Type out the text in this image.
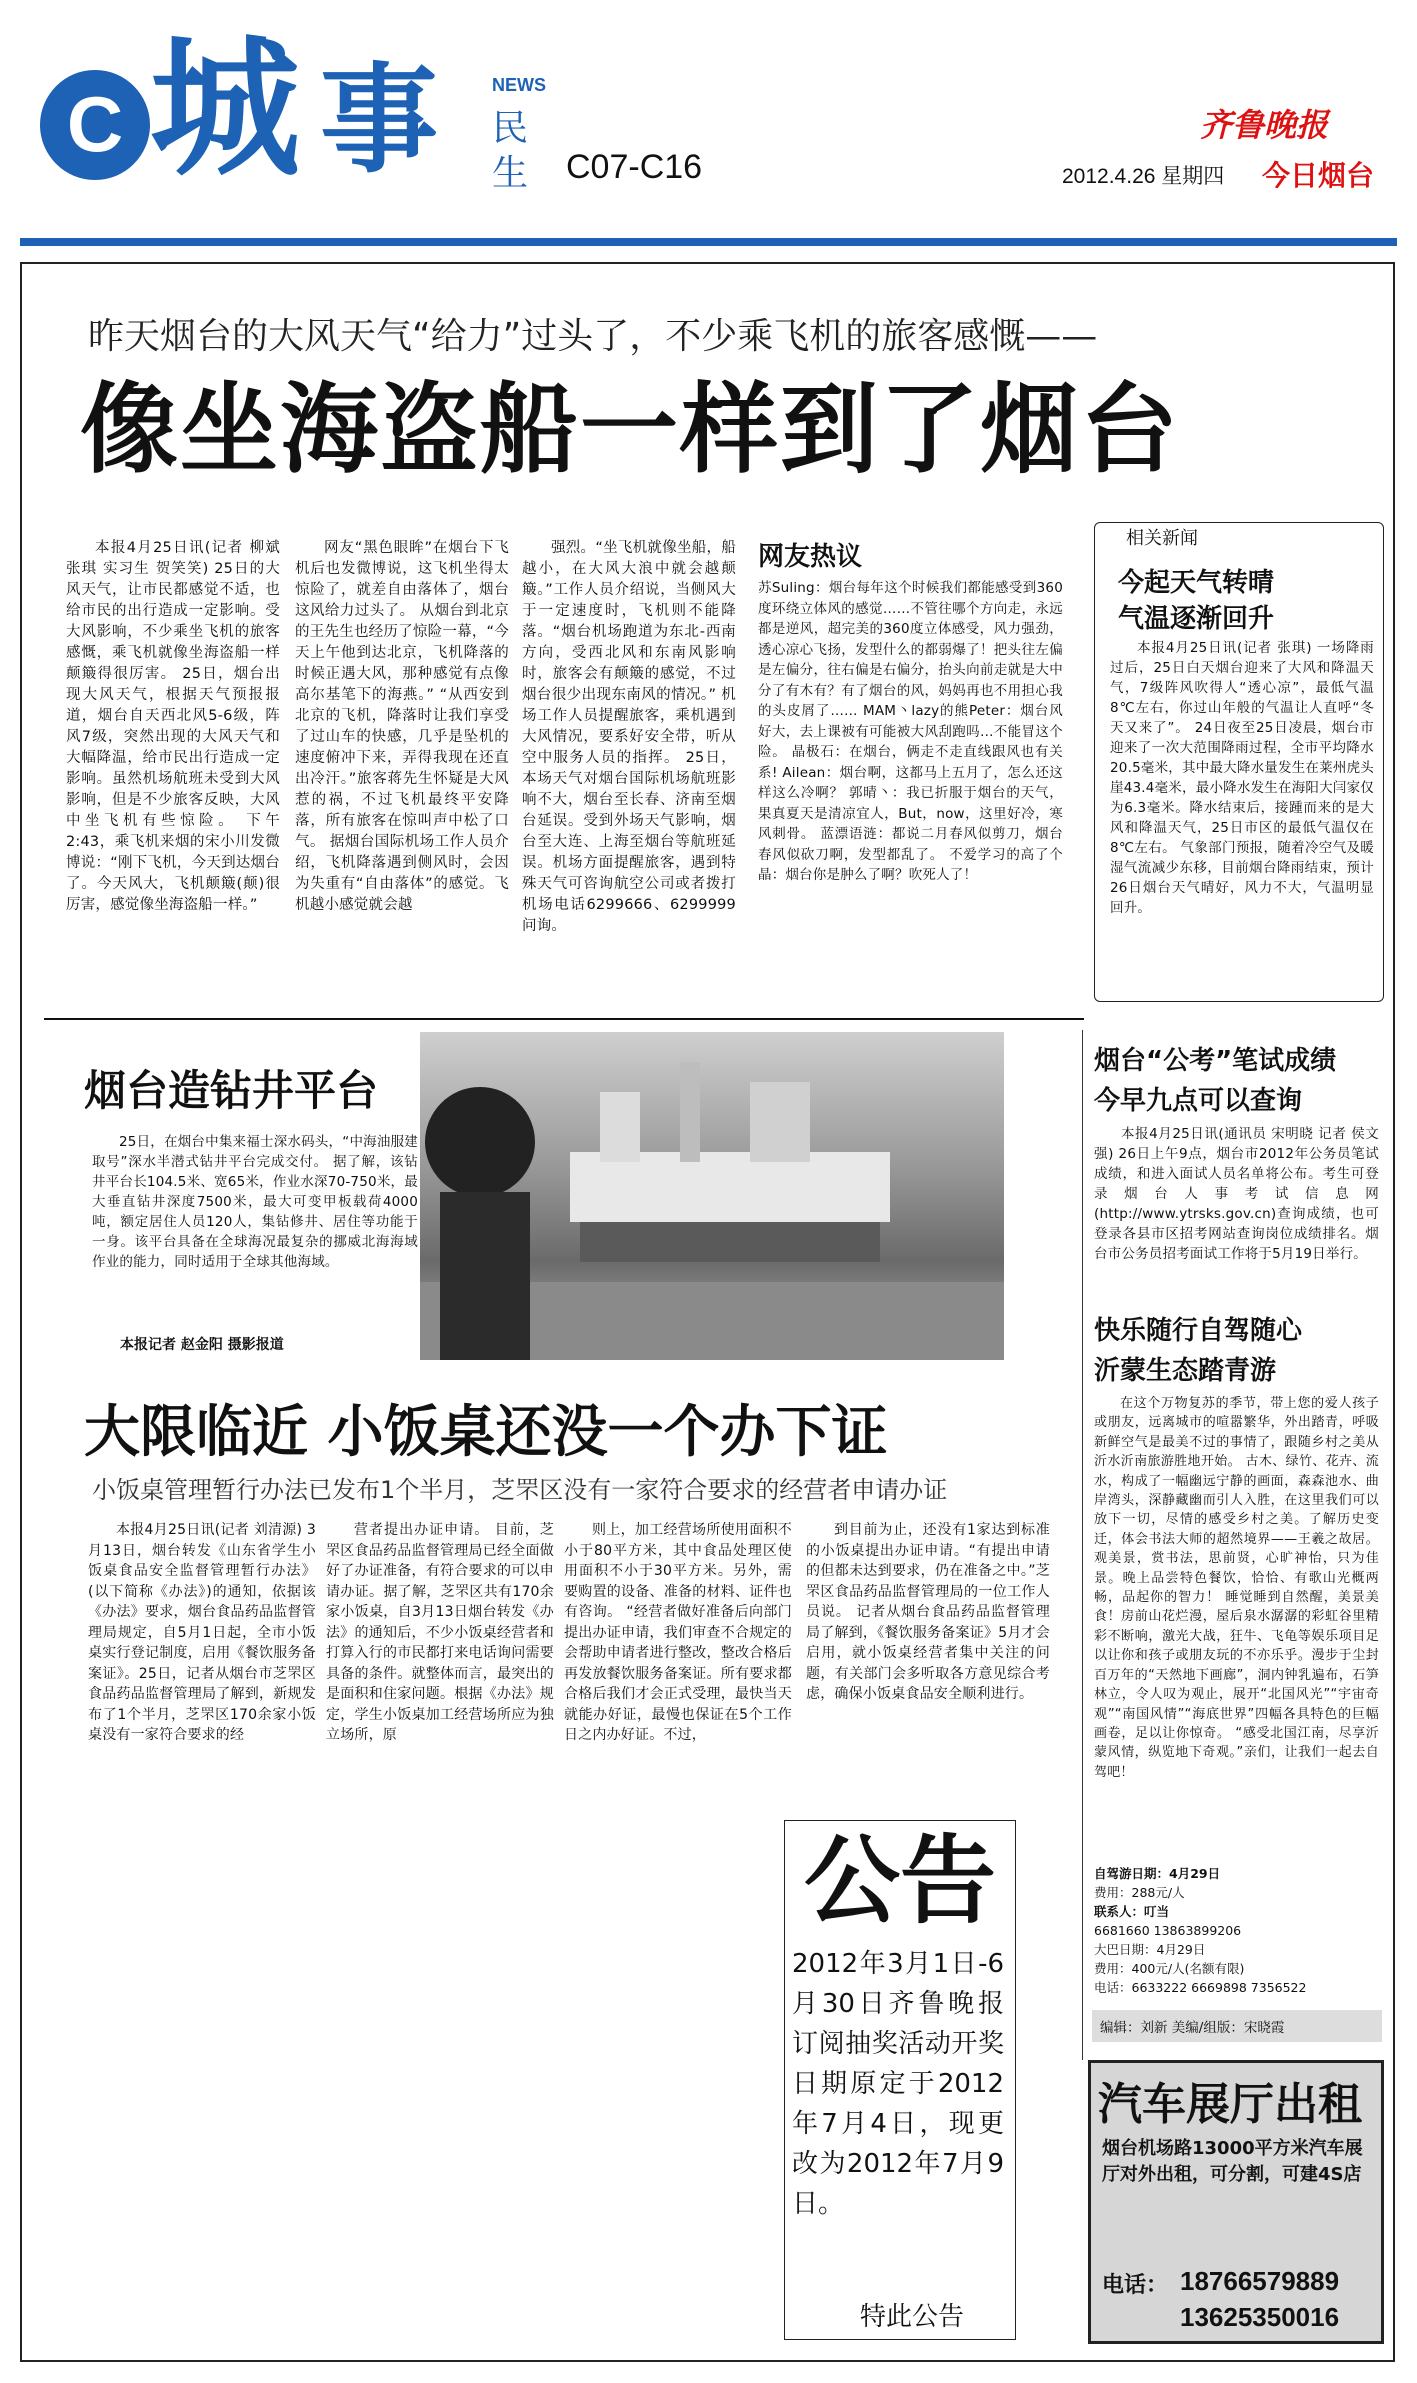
C 城 事	NEWS
民
生 C07-C16
齐鲁晚报
2012.4.26 星期四 今日烟台
昨天烟台的大风天气“给力”过头了，不少乘飞机的旅客感慨——
像坐海盗船一样到了烟台

本报4月25日讯(记者 柳斌 张琪 实习生 贺笑笑) 25日的大风天气，让市民都感觉不适，也给市民的出行造成一定影响。受大风影响，不少乘坐飞机的旅客感慨，乘飞机就像坐海盗船一样颠簸得很厉害。 25日，烟台出现大风天气，根据天气预报报道，烟台自天西北风5-6级，阵风7级，突然出现的大风天气和大幅降温，给市民出行造成一定影响。虽然机场航班未受到大风影响，但是不少旅客反映，大风中坐飞机有些惊险。 下午2:43，乘飞机来烟的宋小川发微博说：“刚下飞机，今天到达烟台了。今天风大，飞机颠簸(颠)很厉害，感觉像坐海盗船一样。”

网友“黑色眼眸”在烟台下飞机后也发微博说，这飞机坐得太惊险了，就差自由落体了，烟台这风给力过头了。 从烟台到北京的王先生也经历了惊险一幕，“今天上午他到达北京，飞机降落的时候正遇大风，那种感觉有点像高尔基笔下的海燕。” “从西安到北京的飞机，降落时让我们享受了过山车的快感，几乎是坠机的速度俯冲下来，弄得我现在还直出冷汗。”旅客蒋先生怀疑是大风惹的祸，不过飞机最终平安降落，所有旅客在惊叫声中松了口气。 据烟台国际机场工作人员介绍，飞机降落遇到侧风时，会因为失重有“自由落体”的感觉。飞机越小感觉就会越

强烈。“坐飞机就像坐船，船越小，在大风大浪中就会越颠簸。”工作人员介绍说，当侧风大于一定速度时，飞机则不能降落。“烟台机场跑道为东北-西南方向，受西北风和东南风影响时，旅客会有颠簸的感觉，不过烟台很少出现东南风的情况。” 机场工作人员提醒旅客，乘机遇到大风情况，要系好安全带，听从空中服务人员的指挥。 25日，本场天气对烟台国际机场航班影响不大，烟台至长春、济南至烟台延误。受到外场天气影响，烟台至大连、上海至烟台等航班延误。机场方面提醒旅客，遇到特殊天气可咨询航空公司或者拨打机场电话6299666、6299999问询。

网友热议

苏Suling：烟台每年这个时候我们都能感受到360度环绕立体风的感觉……不管往哪个方向走，永远都是逆风，超完美的360度立体感受，风力强劲，透心凉心飞扬，发型什么的都弱爆了！把头往左偏是左偏分，往右偏是右偏分，抬头向前走就是大中分了有木有？有了烟台的风，妈妈再也不用担心我的头皮屑了…… MAM丶lazy的熊Peter：烟台风好大，去上课被有可能被大风刮跑吗…不能冒这个险。 晶极石：在烟台，俩走不走直线跟风也有关系! Ailean：烟台啊，这都马上五月了，怎么还这样这么冷啊？ 郭晴丶：我已折服于烟台的天气，果真夏天是清凉宜人，But，now，这里好冷，寒风刺骨。 蓝漂语涟：都说二月春风似剪刀，烟台春风似砍刀啊，发型都乱了。 不爱学习的高了个晶：烟台你是肿么了啊？吹死人了！

相关新闻
今起天气转晴
气温逐渐回升

本报4月25日讯(记者 张琪) 一场降雨过后，25日白天烟台迎来了大风和降温天气，7级阵风吹得人“透心凉”，最低气温8℃左右，你过山年般的气温让人直呼“冬天又来了”。 24日夜至25日凌晨，烟台市迎来了一次大范围降雨过程，全市平均降水20.5毫米，其中最大降水量发生在莱州虎头崖43.4毫米，最小降水发生在海阳大闫家仅为6.3毫米。降水结束后，接踵而来的是大风和降温天气，25日市区的最低气温仅在8℃左右。 气象部门预报，随着冷空气及暖湿气流减少东移，目前烟台降雨结束，预计26日烟台天气晴好，风力不大，气温明显回升。

烟台造钻井平台

25日，在烟台中集来福士深水码头，“中海油服建取号”深水半潜式钻井平台完成交付。 据了解，该钻井平台长104.5米、宽65米，作业水深70-750米，最大垂直钻井深度7500米，最大可变甲板载荷4000吨，额定居住人员120人，集钻修井、居住等功能于一身。该平台具备在全球海况最复杂的挪威北海海域作业的能力，同时适用于全球其他海域。

本报记者 赵金阳 摄影报道
烟台“公考”笔试成绩
今早九点可以查询

本报4月25日讯(通讯员 宋明晓 记者 侯文强) 26日上午9点，烟台市2012年公务员笔试成绩，和进入面试人员名单将公布。考生可登录烟台人事考试信息网(http://www.ytrsks.gov.cn)查询成绩，也可登录各县市区招考网站查询岗位成绩排名。烟台市公务员招考面试工作将于5月19日举行。

快乐随行自驾随心
沂蒙生态踏青游

在这个万物复苏的季节，带上您的爱人孩子或朋友，远离城市的喧嚣繁华，外出踏青，呼吸新鲜空气是最美不过的事情了，跟随乡村之美从沂水沂南旅游胜地开始。 古木、绿竹、花卉、流水，构成了一幅幽远宁静的画面，森森池水、曲岸湾头，深静藏幽而引人入胜，在这里我们可以放下一切，尽情的感受乡村之美。了解历史变迁，体会书法大师的超然境界——王羲之故居。观美景，赏书法，思前贤，心旷神怡，只为佳景。晚上品尝特色餐饮，恰恰、有歌山光概两畅，品起你的智力！ 睡觉睡到自然醒，美景美食！房前山花烂漫，屋后泉水潺潺的彩虹谷里精彩不断响，激光大战，狂牛、飞龟等娱乐项目足以让你和孩子或朋友玩的不亦乐乎。漫步于尘封百万年的“天然地下画廊”，洞内钟乳遍布，石笋林立，令人叹为观止，展开“北国风光”“宇宙奇观”“南国风情”“海底世界”四幅各具特色的巨幅画卷，足以让你惊奇。 “感受北国江南，尽享沂蒙风情，纵览地下奇观。”亲们，让我们一起去自驾吧！

自驾游日期：4月29日
费用：288元/人
联系人：叮当
6681660 13863899206
大巴日期：4月29日
费用：400元/人(名额有限)
电话：6633222 6669898 7356522
编辑：刘新 美编/组版：宋晓霞
大限临近 小饭桌还没一个办下证
小饭桌管理暂行办法已发布1个半月，芝罘区没有一家符合要求的经营者申请办证

本报4月25日讯(记者 刘清源) 3月13日，烟台转发《山东省学生小饭桌食品安全监督管理暂行办法》(以下简称《办法》)的通知，依据该《办法》要求，烟台食品药品监督管理局规定，自5月1日起，全市小饭桌实行登记制度，启用《餐饮服务备案证》。25日，记者从烟台市芝罘区食品药品监督管理局了解到，新规发布了1个半月，芝罘区170余家小饭桌没有一家符合要求的经

营者提出办证申请。 目前，芝罘区食品药品监督管理局已经全面做好了办证准备，有符合要求的可以申请办证。据了解，芝罘区共有170余家小饭桌，自3月13日烟台转发《办法》的通知后，不少小饭桌经营者和打算入行的市民都打来电话询问需要具备的条件。就整体而言，最突出的是面积和住家问题。根据《办法》规定，学生小饭桌加工经营场所应为独立场所，原

则上，加工经营场所使用面积不小于80平方米，其中食品处理区使用面积不小于30平方米。另外，需要购置的设备、准备的材料、证件也有咨询。 “经营者做好准备后向部门提出办证申请，我们审查不合规定的会帮助申请者进行整改，整改合格后再发放餐饮服务备案证。所有要求都合格后我们才会正式受理，最快当天就能办好证，最慢也保证在5个工作日之内办好证。不过，

到目前为止，还没有1家达到标准的小饭桌提出办证申请。“有提出申请的但都未达到要求，仍在准备之中。”芝罘区食品药品监督管理局的一位工作人员说。 记者从烟台食品药品监督管理局了解到，《餐饮服务备案证》5月才会启用，就小饭桌经营者集中关注的问题，有关部门会多听取各方意见综合考虑，确保小饭桌食品安全顺利进行。

公告
2012年3月1日-6月30日齐鲁晚报订阅抽奖活动开奖日期原定于2012年7月4日，现更改为2012年7月9日。
特此公告
汽车展厅出租
烟台机场路13000平方米汽车展厅对外出租，可分割，可建4S店
电话： 18766579889
13625350016
